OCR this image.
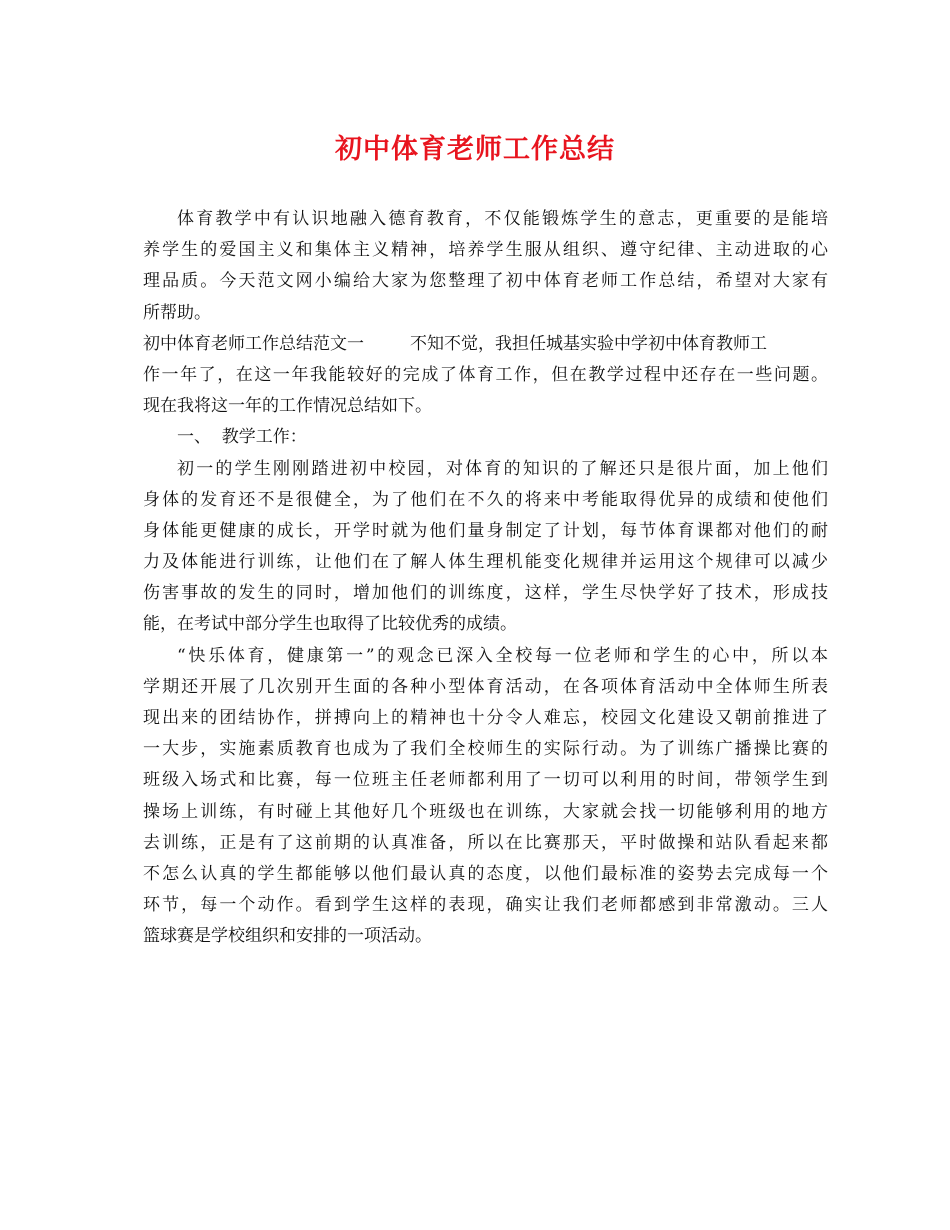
初中体育老师工作总结
体育教学中有认识地融入德育教育，不仅能锻炼学生的意志，更重要的是能培
养学生的爱国主义和集体主义精神，培养学生服从组织、遵守纪律、主动进取的心
理品质。今天范文网小编给大家为您整理了初中体育老师工作总结，希望对大家有
所帮助。
初中体育老师工作总结范文一	不知不觉，我担任城基实验中学初中体育教师工
作一年了，在这一年我能较好的完成了体育工作，但在教学过程中还存在一些问题。
现在我将这一年的工作情况总结如下。
一、  教学工作：
初一的学生刚刚踏进初中校园，对体育的知识的了解还只是很片面，加上他们
身体的发育还不是很健全，为了他们在不久的将来中考能取得优异的成绩和使他们
身体能更健康的成长，开学时就为他们量身制定了计划，每节体育课都对他们的耐
力及体能进行训练，让他们在了解人体生理机能变化规律并运用这个规律可以减少
伤害事故的发生的同时，增加他们的训练度，这样，学生尽快学好了技术，形成技
能，在考试中部分学生也取得了比较优秀的成绩。
“快乐体育，健康第一”的观念已深入全校每一位老师和学生的心中，所以本
学期还开展了几次别开生面的各种小型体育活动，在各项体育活动中全体师生所表
现出来的团结协作，拼搏向上的精神也十分令人难忘，校园文化建设又朝前推进了
一大步，实施素质教育也成为了我们全校师生的实际行动。为了训练广播操比赛的
班级入场式和比赛，每一位班主任老师都利用了一切可以利用的时间，带领学生到
操场上训练，有时碰上其他好几个班级也在训练，大家就会找一切能够利用的地方
去训练，正是有了这前期的认真准备，所以在比赛那天，平时做操和站队看起来都
不怎么认真的学生都能够以他们最认真的态度，以他们最标准的姿势去完成每一个
环节，每一个动作。看到学生这样的表现，确实让我们老师都感到非常激动。三人
篮球赛是学校组织和安排的一项活动。
